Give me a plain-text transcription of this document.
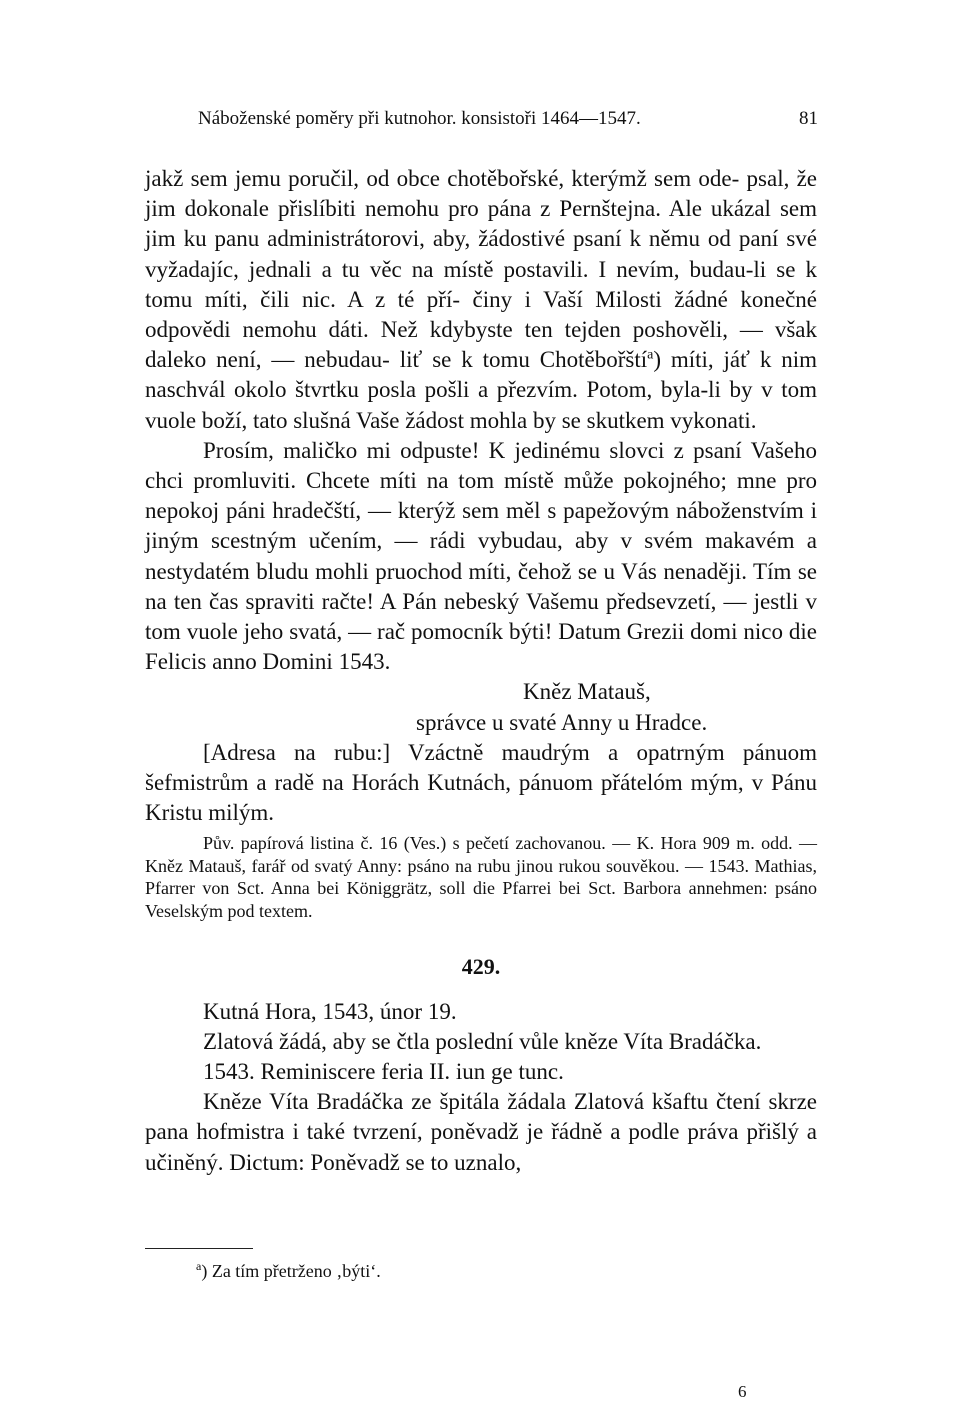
Náboženské poměry při kutnohor. konsistoři 1464—1547.	81

jakž sem jemu poručil, od obce chotěbořské, kterýmž sem ode- psal, že jim dokonale přislíbiti nemohu pro pána z Pernštejna. Ale ukázal sem jim ku panu administrátorovi, aby, žádostivé psaní k němu od paní své vyžadajíc, jednali a tu věc na místě postavili. I nevím, budau-li se k tomu míti, čili nic. A z té pří- činy i Vaší Milosti žádné konečné odpovědi nemohu dáti. Než kdybyste ten tejden poshověli, — však daleko není, — nebudau- liť se k tomu Chotěbořští$^a$) míti, jáť k nim naschvál okolo štvrtku posla pošli a přezvím. Potom, byla-li by v tom vuole boží, tato slušná Vaše žádost mohla by se skutkem vykonati.

Prosím, maličko mi odpuste! K jedinému slovci z psaní Vašeho chci promluviti. Chcete míti na tom místě může pokojného; mne pro nepokoj páni hradečští, — kterýž sem měl s papežovým náboženstvím i jiným scestným učením, — rádi vybudau, aby v svém makavém a nestydatém bludu mohli pruochod míti, čehož se u Vás nenaději. Tím se na ten čas spraviti račte! A Pán nebeský Vašemu předsevzetí, — jestli v tom vuole jeho svatá, — rač pomocník býti! Datum Grezii domi nico die Felicis anno Domini 1543.

Kněz Matauš,

správce u svaté Anny u Hradce.

[Adresa na rubu:] Vzáctně maudrým a opatrným pánuom šefmistrům a radě na Horách Kutnách, pánuom přátelóm mým, v Pánu Kristu milým.

Pův. papírová listina č. 16 (Ves.) s pečetí zachovanou. — K. Hora 909 m. odd. — Kněz Matauš, farář od svatý Anny: psáno na rubu jinou rukou souvěkou. — 1543. Mathias, Pfarrer von Sct. Anna bei Königgrätz, soll die Pfarrei bei Sct. Barbora annehmen: psáno Veselským pod textem.

429.

Kutná Hora, 1543, únor 19.

Zlatová žádá, aby se čtla poslední vůle kněze Víta Bradáčka.

1543. Reminiscere feria II. iun ge tunc.

Kněze Víta Bradáčka ze špitála žádala Zlatová kšaftu čtení skrze pana hofmistra i také tvrzení, poněvadž je řádně a podle práva přišlý a učiněný. Dictum: Poněvadž se to uznalo,

$^a$) Za tím přetrženo ‚býti‘.
6
